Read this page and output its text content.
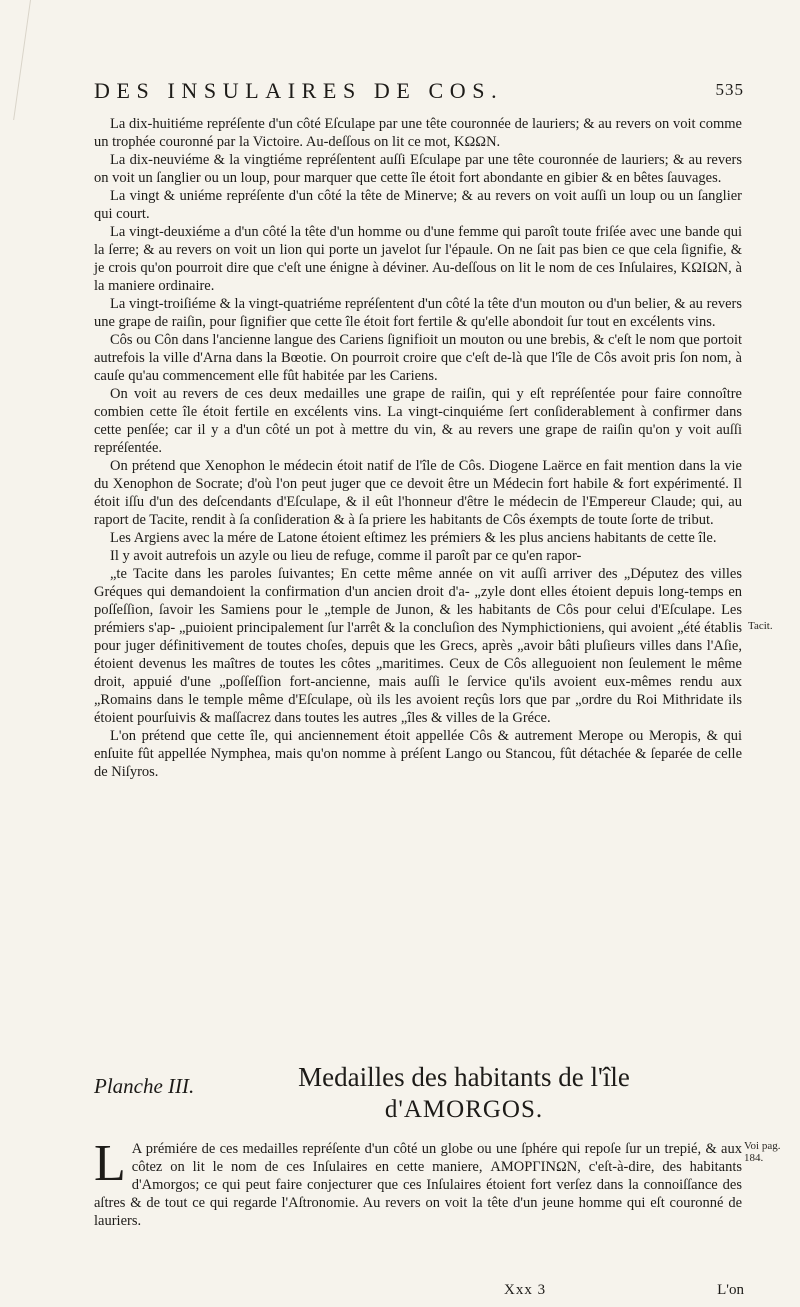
DES INSULAIRES DE COS.	535

La dix-huitiéme repréſente d'un côté Eſculape par une tête couronnée de lauriers; & au revers on voit comme un trophée couronné par la Victoire. Au-deſſous on lit ce mot, ΚΩΩΝ.

La dix-neuviéme & la vingtiéme repréſentent auſſi Eſculape par une tête couronnée de lauriers; & au revers on voit un ſanglier ou un loup, pour marquer que cette île étoit fort abondante en gibier & en bêtes ſauvages.

La vingt & uniéme repréſente d'un côté la tête de Minerve; & au revers on voit auſſi un loup ou un ſanglier qui court.

La vingt-deuxiéme a d'un côté la tête d'un homme ou d'une femme qui paroît toute friſée avec une bande qui la ſerre; & au revers on voit un lion qui porte un javelot ſur l'épaule. On ne ſait pas bien ce que cela ſignifie, & je crois qu'on pourroit dire que c'eſt une énigne à déviner. Au-deſſous on lit le nom de ces Inſulaires, ΚΩΙΩΝ, à la maniere ordinaire.

La vingt-troiſiéme & la vingt-quatriéme repréſentent d'un côté la tête d'un mouton ou d'un belier, & au revers une grape de raiſin, pour ſignifier que cette île étoit fort fertile & qu'elle abondoit ſur tout en excélents vins.

Côs ou Côn dans l'ancienne langue des Cariens ſignifioit un mouton ou une brebis, & c'eſt le nom que portoit autrefois la ville d'Arna dans la Bœotie. On pourroit croire que c'eſt de-là que l'île de Côs avoit pris ſon nom, à cauſe qu'au commencement elle fût habitée par les Cariens.

On voit au revers de ces deux medailles une grape de raiſin, qui y eſt repréſentée pour faire connoître combien cette île étoit fertile en excélents vins. La vingt-cinquiéme ſert conſiderablement à confirmer dans cette penſée; car il y a d'un côté un pot à mettre du vin, & au revers une grape de raiſin qu'on y voit auſſi repréſentée.

On prétend que Xenophon le médecin étoit natif de l'île de Côs. Diogene Laërce en fait mention dans la vie du Xenophon de Socrate; d'où l'on peut juger que ce devoit être un Médecin fort habile & fort expérimenté. Il étoit iſſu d'un des deſcendants d'Eſculape, & il eût l'honneur d'être le médecin de l'Empereur Claude; qui, au raport de Tacite, rendit à ſa conſideration & à ſa priere les habitants de Côs éxempts de toute ſorte de tribut.

Les Argiens avec la mére de Latone étoient eſtimez les prémiers & les plus anciens habitants de cette île.

Il y avoit autrefois un azyle ou lieu de refuge, comme il paroît par ce qu'en rapor-

„te Tacite dans les paroles ſuivantes; En cette même année on vit auſſi arriver des „Députez des villes Gréques qui demandoient la confirmation d'un ancien droit d'a- „zyle dont elles étoient depuis long-temps en poſſeſſion, ſavoir les Samiens pour le „temple de Junon, & les habitants de Côs pour celui d'Eſculape. Les prémiers s'ap- „puioient principalement ſur l'arrêt & la concluſion des Nymphictioniens, qui avoient „été établis pour juger définitivement de toutes choſes, depuis que les Grecs, après „avoir bâti pluſieurs villes dans l'Aſie, étoient devenus les maîtres de toutes les côtes „maritimes. Ceux de Côs alleguoient non ſeulement le même droit, appuié d'une „poſſeſſion fort-ancienne, mais auſſi le ſervice qu'ils avoient eux-mêmes rendu aux „Romains dans le temple même d'Eſculape, où ils les avoient reçûs lors que par „ordre du Roi Mithridate ils étoient pourſuivis & maſſacrez dans toutes les autres „îles & villes de la Gréce.

L'on prétend que cette île, qui anciennement étoit appellée Côs & autrement Merope ou Meropis, & qui enſuite fût appellée Nymphea, mais qu'on nomme à préſent Lango ou Stancou, fût détachée & ſeparée de celle de Niſyros.

Tacit.
Voi pag. 184.
Planche III.	Medailles des habitants de l'île
d'AMORGOS.

L A prémiére de ces medailles repréſente d'un côté un globe ou une ſphére qui repoſe ſur un trepié, & aux côtez on lit le nom de ces Inſulaires en cette maniere, ΑΜΟΡΓΙΝΩΝ, c'eſt-à-dire, des habitants d'Amorgos; ce qui peut faire conjecturer que ces Inſulaires étoient fort verſez dans la connoiſſance des aſtres & de tout ce qui regarde l'Aſtronomie. Au revers on voit la tête d'un jeune homme qui eſt couronné de lauriers.

Xxx 3	L'on
